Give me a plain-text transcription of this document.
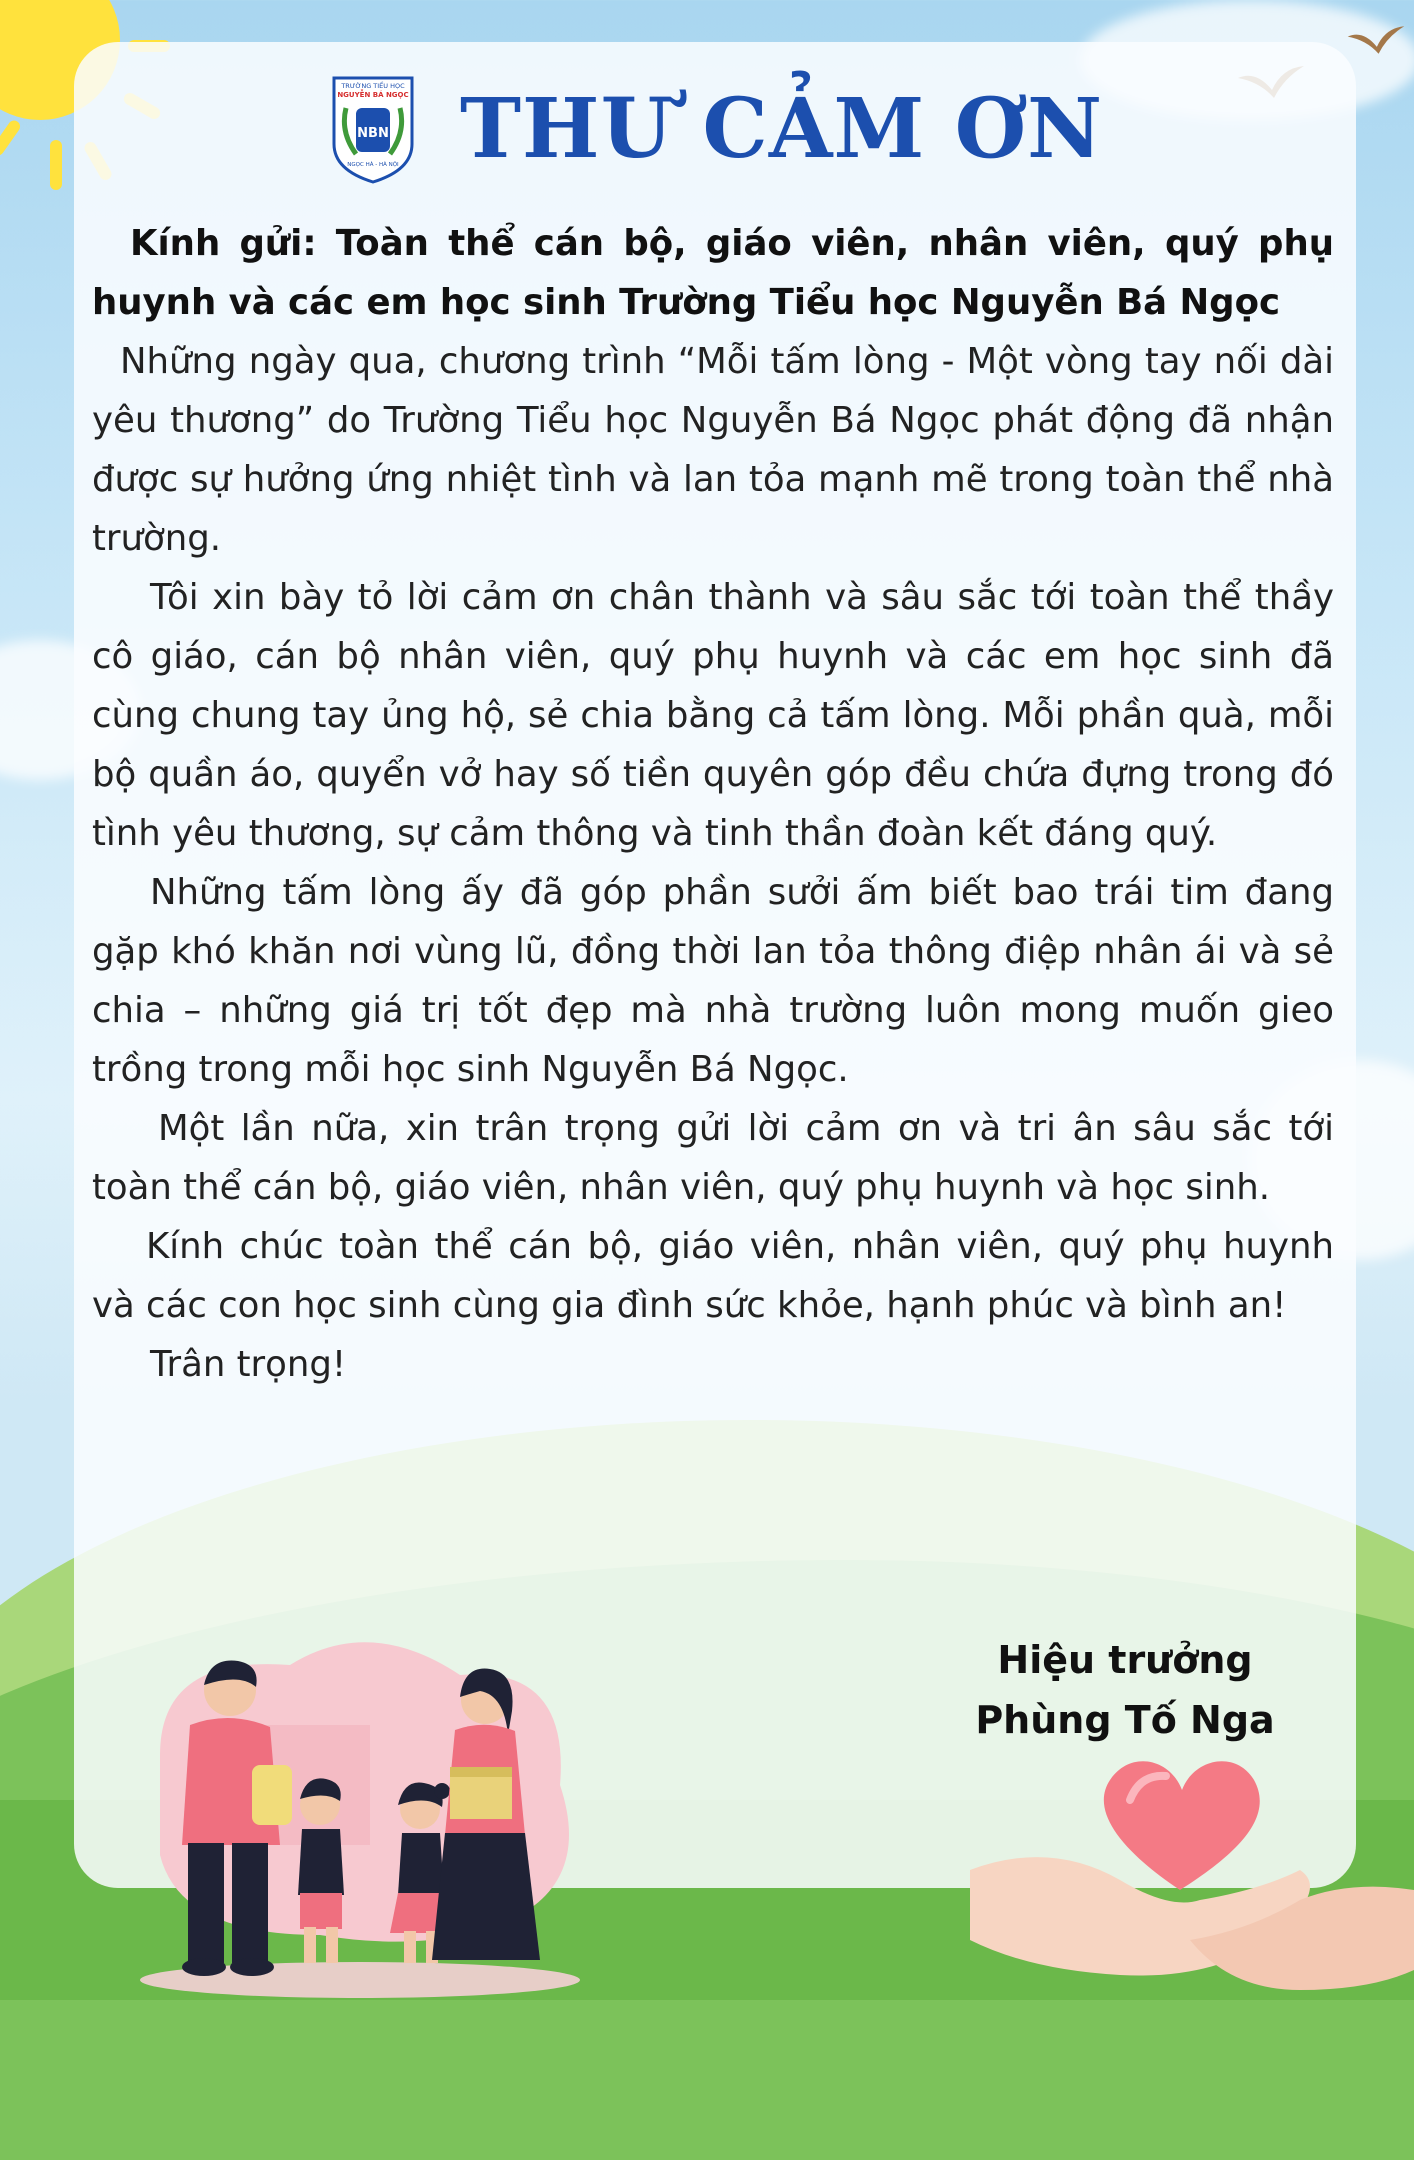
TRƯỜNG TIỂU HỌC
NGUYỄN BÁ NGỌC
NBN
NGỌC HÀ - HÀ NỘI THƯ CẢM ƠN

Kính gửi: Toàn thể cán bộ, giáo viên, nhân viên, quý phụ huynh và các em học sinh Trường Tiểu học Nguyễn Bá Ngọc

Những ngày qua, chương trình “Mỗi tấm lòng - Một vòng tay nối dài yêu thương” do Trường Tiểu học Nguyễn Bá Ngọc phát động đã nhận được sự hưởng ứng nhiệt tình và lan tỏa mạnh mẽ trong toàn thể nhà trường.

Tôi xin bày tỏ lời cảm ơn chân thành và sâu sắc tới toàn thể thầy cô giáo, cán bộ nhân viên, quý phụ huynh và các em học sinh đã cùng chung tay ủng hộ, sẻ chia bằng cả tấm lòng. Mỗi phần quà, mỗi bộ quần áo, quyển vở hay số tiền quyên góp đều chứa đựng trong đó tình yêu thương, sự cảm thông và tinh thần đoàn kết đáng quý.

Những tấm lòng ấy đã góp phần sưởi ấm biết bao trái tim đang gặp khó khăn nơi vùng lũ, đồng thời lan tỏa thông điệp nhân ái và sẻ chia – những giá trị tốt đẹp mà nhà trường luôn mong muốn gieo trồng trong mỗi học sinh Nguyễn Bá Ngọc.

Một lần nữa, xin trân trọng gửi lời cảm ơn và tri ân sâu sắc tới toàn thể cán bộ, giáo viên, nhân viên, quý phụ huynh và học sinh.

Kính chúc toàn thể cán bộ, giáo viên, nhân viên, quý phụ huynh và các con học sinh cùng gia đình sức khỏe, hạnh phúc và bình an!

Trân trọng!

Hiệu trưởng
Phùng Tố Nga
